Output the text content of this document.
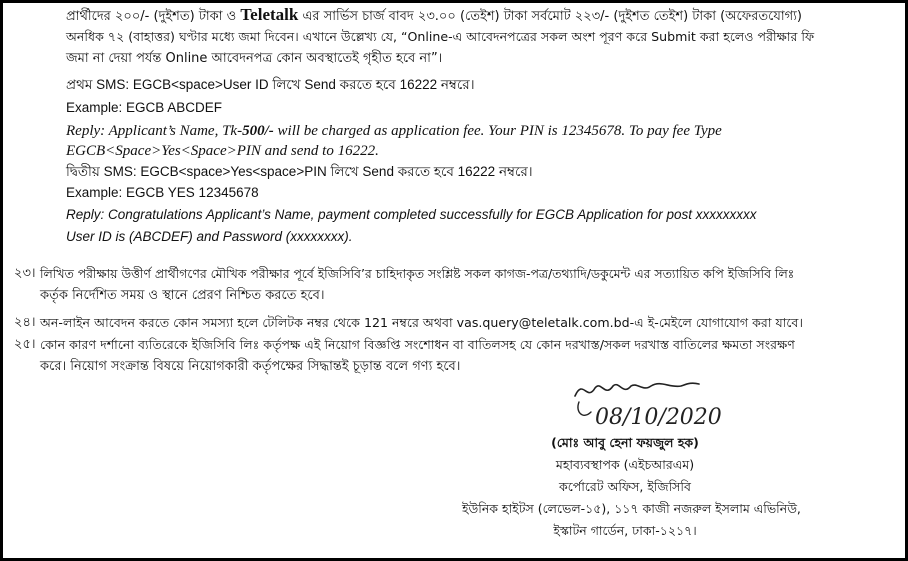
প্রার্থীদের ২০০/- (দুইশত) টাকা ও Teletalk এর সার্ভিস চার্জ বাবদ ২৩.০০ (তেইশ) টাকা সর্বমোট ২২৩/- (দুইশত তেইশ) টাকা (অফেরতযোগ্য)
অনধিক ৭২ (বাহাত্তর) ঘণ্টার মধ্যে জমা দিবেন। এখানে উল্লেখ্য যে, “Online-এ আবেদনপত্রের সকল অংশ পূরণ করে Submit করা হলেও পরীক্ষার ফি
জমা না দেয়া পর্যন্ত Online আবেদনপত্র কোন অবস্থাতেই গৃহীত হবে না”।
প্রথম SMS: EGCB<space>User ID লিখে Send করতে হবে 16222 নম্বরে।
Example: EGCB ABCDEF
Reply: Applicant’s Name, Tk-500/- will be charged as application fee. Your PIN is 12345678. To pay fee Type
EGCB<Space>Yes<Space>PIN and send to 16222.
দ্বিতীয় SMS: EGCB<space>Yes<space>PIN লিখে Send করতে হবে 16222 নম্বরে।
Example: EGCB YES 12345678
Reply: Congratulations Applicant’s Name, payment completed successfully for EGCB Application for post xxxxxxxxx
User ID is (ABCDEF) and Password (xxxxxxxx).
২৩। লিখিত পরীক্ষায় উত্তীর্ণ প্রার্থীগণের মৌখিক পরীক্ষার পূর্বে ইজিসিবি’র চাহিদাকৃত সংশ্লিষ্ট সকল কাগজ-পত্র/তথ্যাদি/ডকুমেন্ট এর সত্যায়িত কপি ইজিসিবি লিঃ
কর্তৃক নির্দেশিত সময় ও স্থানে প্রেরণ নিশ্চিত করতে হবে।
২৪। অন-লাইন আবেদন করতে কোন সমস্যা হলে টেলিটক নম্বর থেকে 121 নম্বরে অথবা vas.query@teletalk.com.bd-এ ই-মেইলে যোগাযোগ করা যাবে।
২৫। কোন কারণ দর্শানো ব্যতিরেকে ইজিসিবি লিঃ কর্তৃপক্ষ এই নিয়োগ বিজ্ঞপ্তি সংশোধন বা বাতিলসহ যে কোন দরখাস্ত/সকল দরখাস্ত বাতিলের ক্ষমতা সংরক্ষণ
করে। নিয়োগ সংক্রান্ত বিষয়ে নিয়োগকারী কর্তৃপক্ষের সিদ্ধান্তই চূড়ান্ত বলে গণ্য হবে।
08/10/2020
(মোঃ আবু হেনা ফয়জুল হক)
মহাব্যবস্থাপক (এইচআরএম)
কর্পোরেট অফিস, ইজিসিবি
ইউনিক হাইটস (লেভেল-১৫), ১১৭ কাজী নজরুল ইসলাম এভিনিউ,
ইস্কাটন গার্ডেন, ঢাকা-১২১৭।
